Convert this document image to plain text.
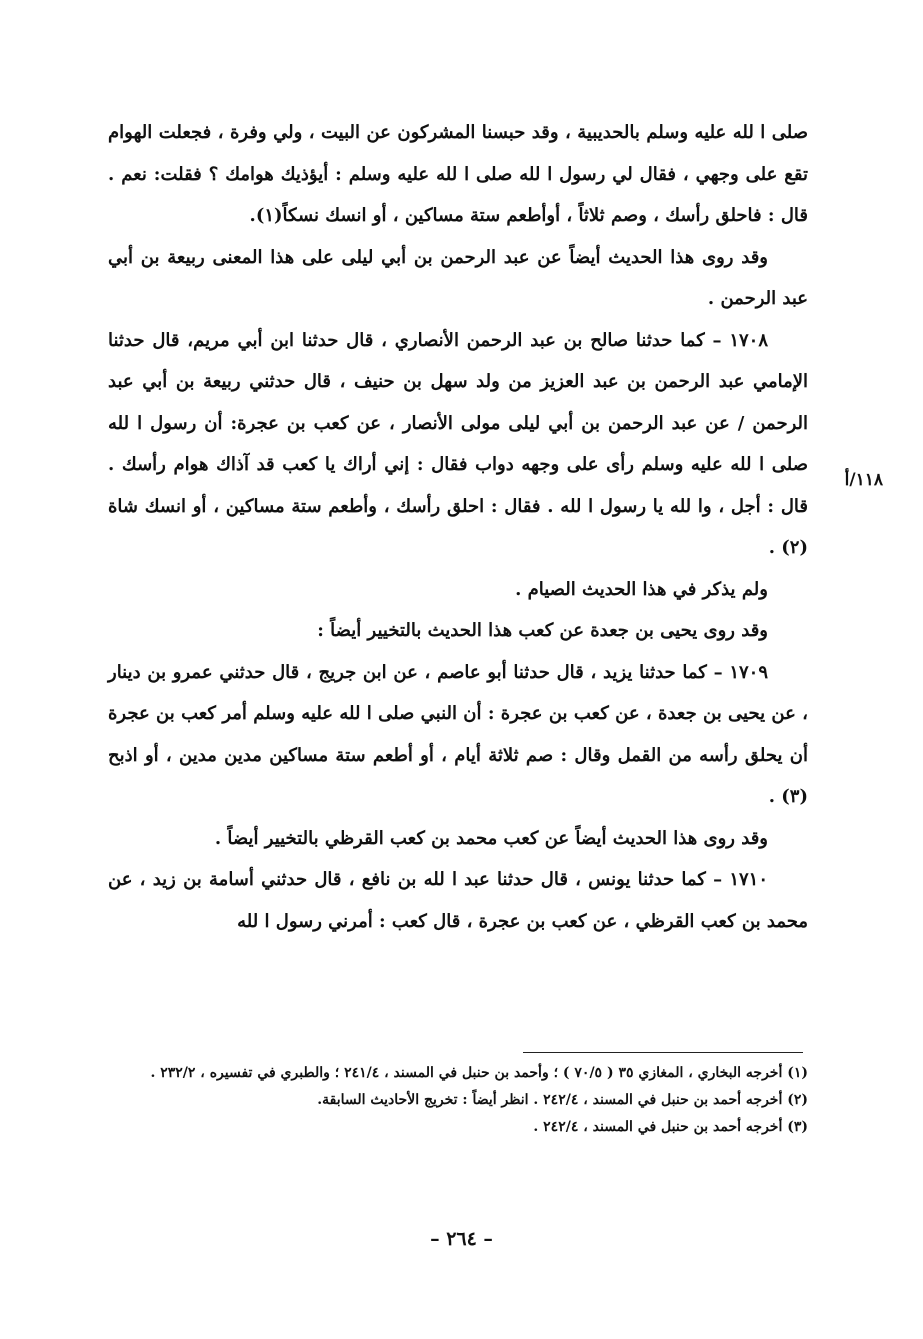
١١٨/أ

صلى ا لله عليه وسلم بالحديبية ، وقد حبسنا المشركون عن البيت ، ولي وفرة ، فجعلت الهوام تقع على وجهي ، فقال لي رسول ا لله صلى ا لله عليه وسلم : أيؤذيك هوامك ؟ فقلت: نعم . قال : فاحلق رأسك ، وصم ثلاثاً ، أوأطعم ستة مساكين ، أو انسك نسكاً(١).

وقد روى هذا الحديث أيضاً عن عبد الرحمن بن أبي ليلى على هذا المعنى ربيعة بن أبي عبد الرحمن .

١٧٠٨ – كما حدثنا صالح بن عبد الرحمن الأنصاري ، قال حدثنا ابن أبي مريم، قال حدثنا الإمامي عبد الرحمن بن عبد العزيز من ولد سهل بن حنيف ، قال حدثني ربيعة بن أبي عبد الرحمن / عن عبد الرحمن بن أبي ليلى مولى الأنصار ، عن كعب بن عجرة: أن رسول ا لله صلى ا لله عليه وسلم رأى على وجهه دواب فقال : إني أراك يا كعب قد آذاك هوام رأسك . قال : أجل ، وا لله يا رسول ا لله . فقال : احلق رأسك ، وأطعم ستة مساكين ، أو انسك شاة (٢) .

ولم يذكر في هذا الحديث الصيام .

وقد روى يحيى بن جعدة عن كعب هذا الحديث بالتخيير أيضاً :

١٧٠٩ – كما حدثنا يزيد ، قال حدثنا أبو عاصم ، عن ابن جريج ، قال حدثني عمرو بن دينار ، عن يحيى بن جعدة ، عن كعب بن عجرة : أن النبي صلى ا لله عليه وسلم أمر كعب بن عجرة أن يحلق رأسه من القمل وقال : صم ثلاثة أيام ، أو أطعم ستة مساكين مدين مدين ، أو اذبح (٣) .

وقد روى هذا الحديث أيضاً عن كعب محمد بن كعب القرظي بالتخيير أيضاً .

١٧١٠ – كما حدثنا يونس ، قال حدثنا عبد ا لله بن نافع ، قال حدثني أسامة بن زيد ، عن محمد بن كعب القرظي ، عن كعب بن عجرة ، قال كعب : أمرني رسول ا لله

(١) أخرجه البخاري ، المغازي ٣٥ ( ٧٠/٥ ) ؛ وأحمد بن حنبل في المسند ، ٢٤١/٤ ؛ والطبري في تفسيره ، ٢٣٢/٢ .

(٢) أخرجه أحمد بن حنبل في المسند ، ٢٤٢/٤ . انظر أيضاً : تخريج الأحاديث السابقة.

(٣) أخرجه أحمد بن حنبل في المسند ، ٢٤٢/٤ .

– ٢٦٤ –
